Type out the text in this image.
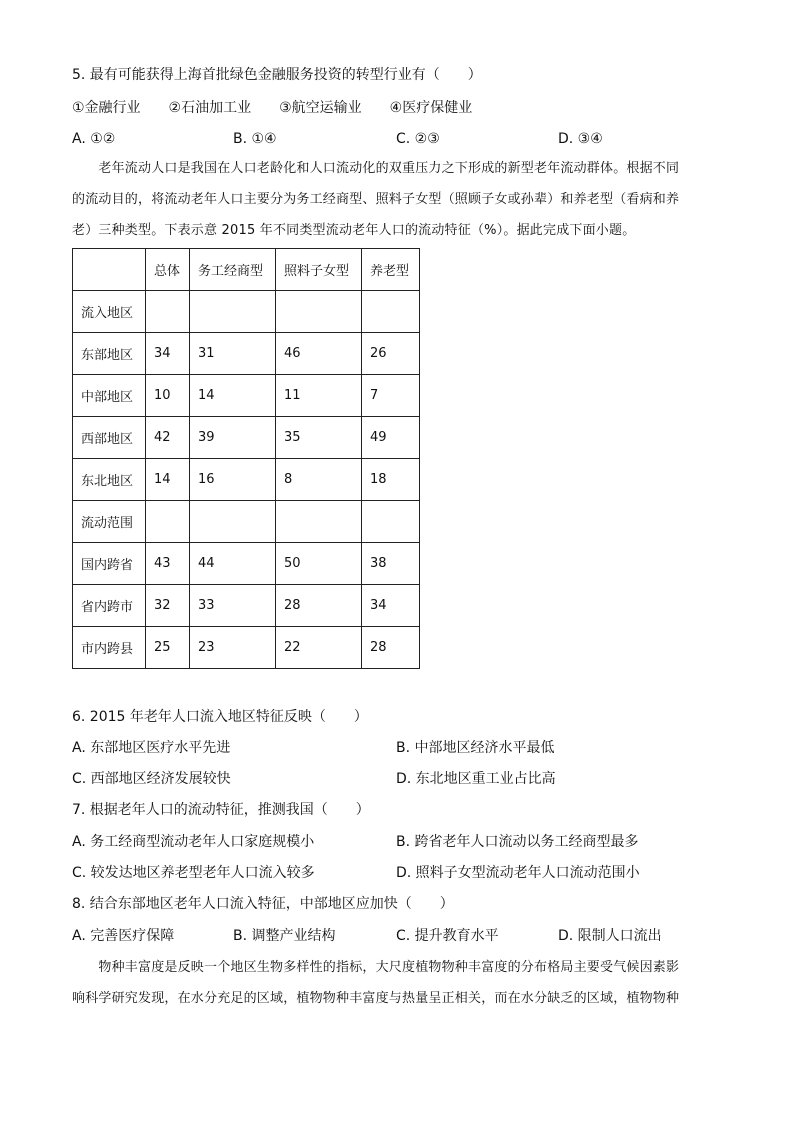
5. 最有可能获得上海首批绿色金融服务投资的转型行业有（　　）
①金融行业　　②石油加工业　　③航空运输业　　④医疗保健业
A. ①②	B. ①④	C. ②③	D. ③④
　　老年流动人口是我国在人口老龄化和人口流动化的双重压力之下形成的新型老年流动群体。根据不同
的流动目的，将流动老年人口主要分为务工经商型、照料子女型（照顾子女或孙辈）和养老型（看病和养
老）三种类型。下表示意 2015 年不同类型流动老年人口的流动特征（%）。据此完成下面小题。
	总体	务工经商型	照料子女型	养老型
流入地区				
东部地区	34	31	46	26
中部地区	10	14	11	7
西部地区	42	39	35	49
东北地区	14	16	8	18
流动范围				
国内跨省	43	44	50	38
省内跨市	32	33	28	34
市内跨县	25	23	22	28
6. 2015 年老年人口流入地区特征反映（　　）
A. 东部地区医疗水平先进	B. 中部地区经济水平最低
C. 西部地区经济发展较快	D. 东北地区重工业占比高
7. 根据老年人口的流动特征，推测我国（　　）
A. 务工经商型流动老年人口家庭规模小	B. 跨省老年人口流动以务工经商型最多
C. 较发达地区养老型老年人口流入较多	D. 照料子女型流动老年人口流动范围小
8. 结合东部地区老年人口流入特征，中部地区应加快（　　）
A. 完善医疗保障	B. 调整产业结构	C. 提升教育水平	D. 限制人口流出
　　物种丰富度是反映一个地区生物多样性的指标，大尺度植物物种丰富度的分布格局主要受气候因素影
响科学研究发现，在水分充足的区域，植物物种丰富度与热量呈正相关，而在水分缺乏的区域，植物物种
